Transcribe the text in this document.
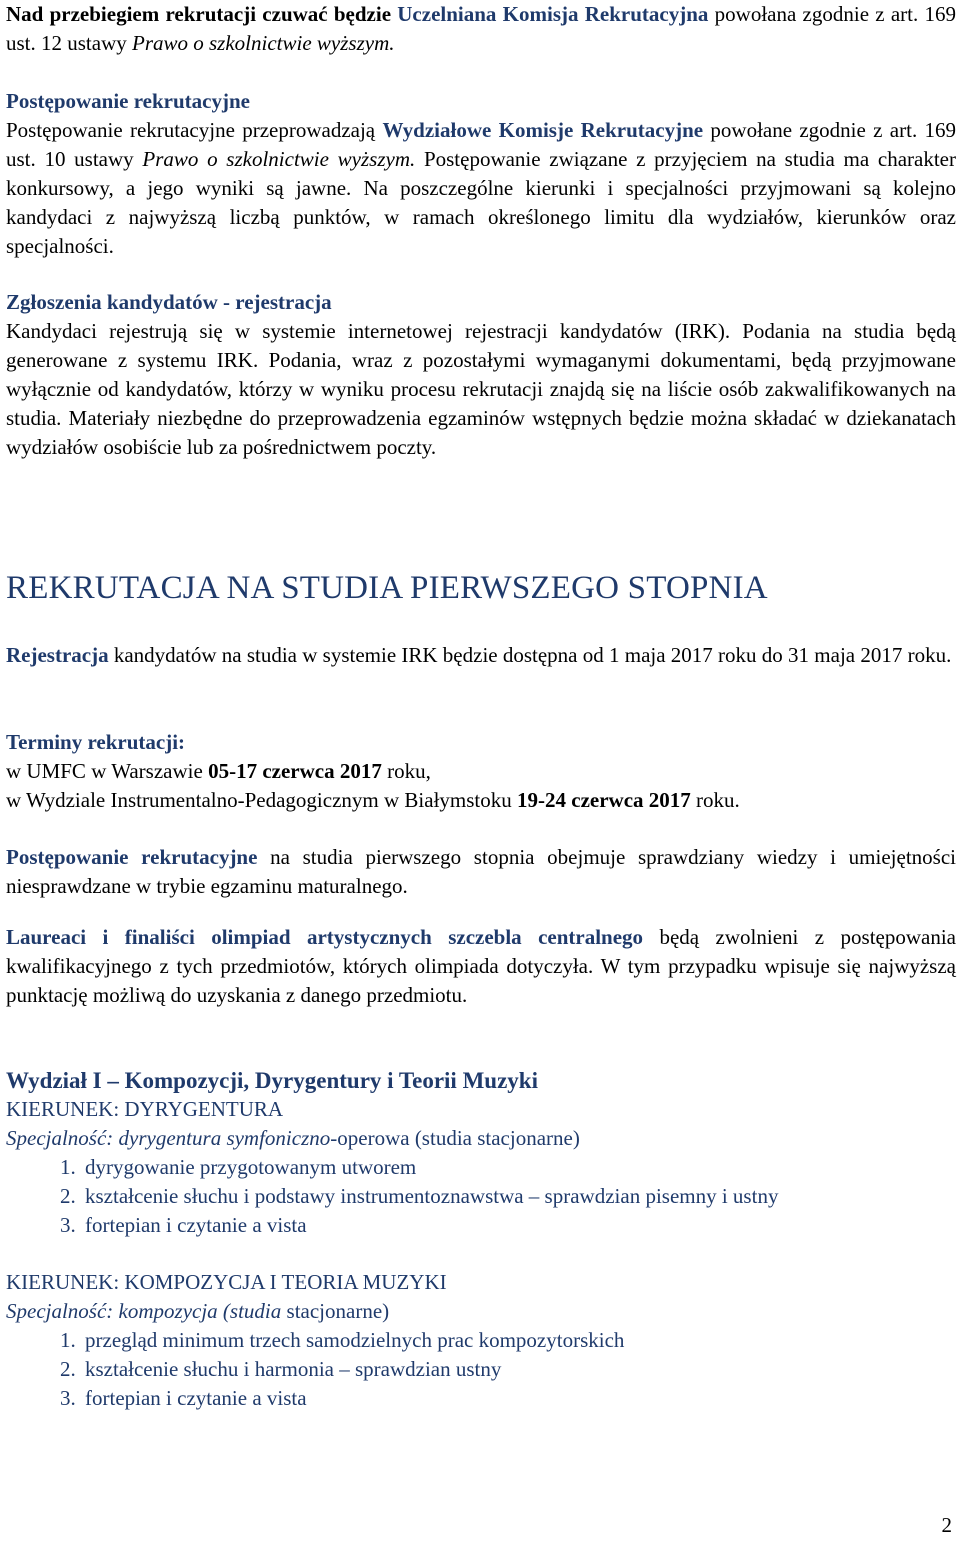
Nad przebiegiem rekrutacji czuwać będzie Uczelniana Komisja Rekrutacyjna powołana zgodnie z art. 169 ust. 12 ustawy Prawo o szkolnictwie wyższym.

Postępowanie rekrutacyjne

Postępowanie rekrutacyjne przeprowadzają Wydziałowe Komisje Rekrutacyjne powołane zgodnie z art. 169 ust. 10 ustawy Prawo o szkolnictwie wyższym. Postępowanie związane z przyjęciem na studia ma charakter konkursowy, a jego wyniki są jawne. Na poszczególne kierunki i specjalności przyjmowani są kolejno kandydaci z najwyższą liczbą punktów, w ramach określonego limitu dla wydziałów, kierunków oraz specjalności.

Zgłoszenia kandydatów - rejestracja

Kandydaci rejestrują się w systemie internetowej rejestracji kandydatów (IRK). Podania na studia będą generowane z systemu IRK. Podania, wraz z pozostałymi wymaganymi dokumentami, będą przyjmowane wyłącznie od kandydatów, którzy w wyniku procesu rekrutacji znajdą się na liście osób zakwalifikowanych na studia. Materiały niezbędne do przeprowadzenia egzaminów wstępnych będzie można składać w dziekanatach wydziałów osobiście lub za pośrednictwem poczty.

REKRUTACJA NA STUDIA PIERWSZEGO STOPNIA

Rejestracja kandydatów na studia w systemie IRK będzie dostępna od 1 maja 2017 roku do 31 maja 2017 roku.

Terminy rekrutacji:

w UMFC w Warszawie 05-17 czerwca 2017 roku,

w Wydziale Instrumentalno-Pedagogicznym w Białymstoku 19-24 czerwca 2017 roku.

Postępowanie rekrutacyjne na studia pierwszego stopnia obejmuje sprawdziany wiedzy i umiejętności niesprawdzane w trybie egzaminu maturalnego.

Laureaci i finaliści olimpiad artystycznych szczebla centralnego będą zwolnieni z postępowania kwalifikacyjnego z tych przedmiotów, których olimpiada dotyczyła. W tym przypadku wpisuje się najwyższą punktację możliwą do uzyskania z danego przedmiotu.

Wydział I – Kompozycji, Dyrygentury i Teorii Muzyki

KIERUNEK: DYRYGENTURA

Specjalność: dyrygentura symfoniczno-operowa (studia stacjonarne)

1. dyrygowanie przygotowanym utworem
2. kształcenie słuchu i podstawy instrumentoznawstwa – sprawdzian pisemny i ustny
3. fortepian i czytanie a vista

KIERUNEK: KOMPOZYCJA I TEORIA MUZYKI

Specjalność: kompozycja (studia stacjonarne)

1. przegląd minimum trzech samodzielnych prac kompozytorskich
2. kształcenie słuchu i harmonia – sprawdzian ustny
3. fortepian i czytanie a vista
2
